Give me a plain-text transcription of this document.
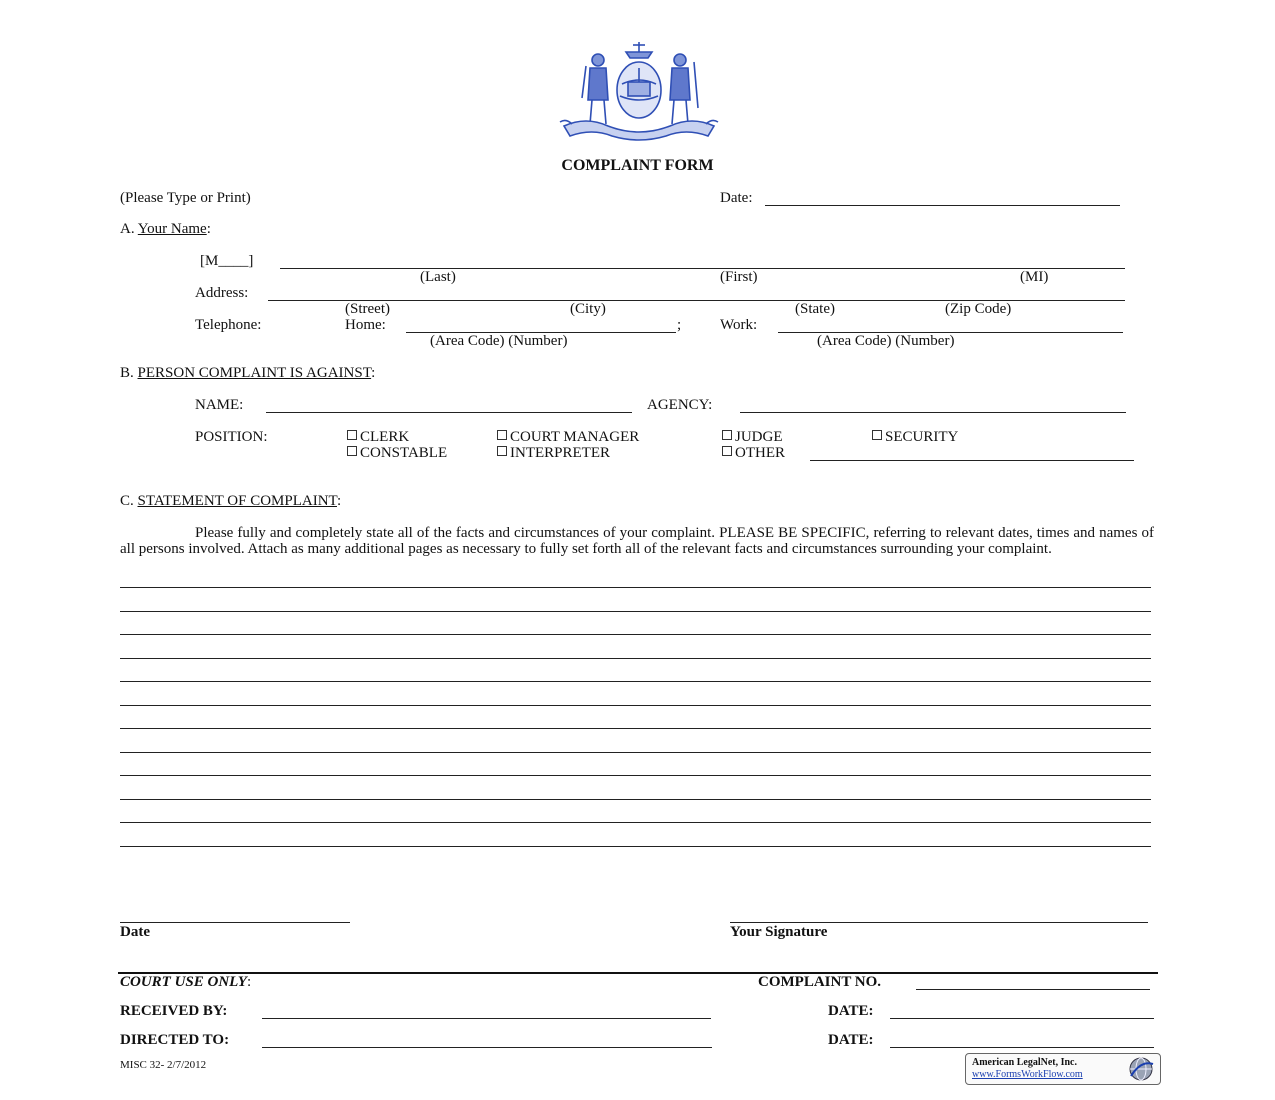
COMPLAINT FORM
(Please Type or Print)	Date:
A. Your Name:
[M____]
(Last)	(First)	(MI)
Address:
(Street)	(City)	(State)	(Zip Code)
Telephone:	Home:	;	Work:
(Area Code) (Number)	(Area Code) (Number)
B. PERSON COMPLAINT IS AGAINST:
NAME:	AGENCY:
POSITION:	CLERK	COURT MANAGER	JUDGE	SECURITY
CONSTABLE	INTERPRETER	OTHER
C. STATEMENT OF COMPLAINT:
Please fully and completely state all of the facts and circumstances of your complaint. PLEASE BE SPECIFIC, referring to relevant dates, times and names of all persons involved. Attach as many additional pages as necessary to fully set forth all of the relevant facts and circumstances surrounding your complaint.
Date	Your Signature
COURT USE ONLY:	COMPLAINT NO.
RECEIVED BY:	DATE:
DIRECTED TO:	DATE:
MISC 32- 2/7/2012	American LegalNet, Inc.
www.FormsWorkFlow.com
